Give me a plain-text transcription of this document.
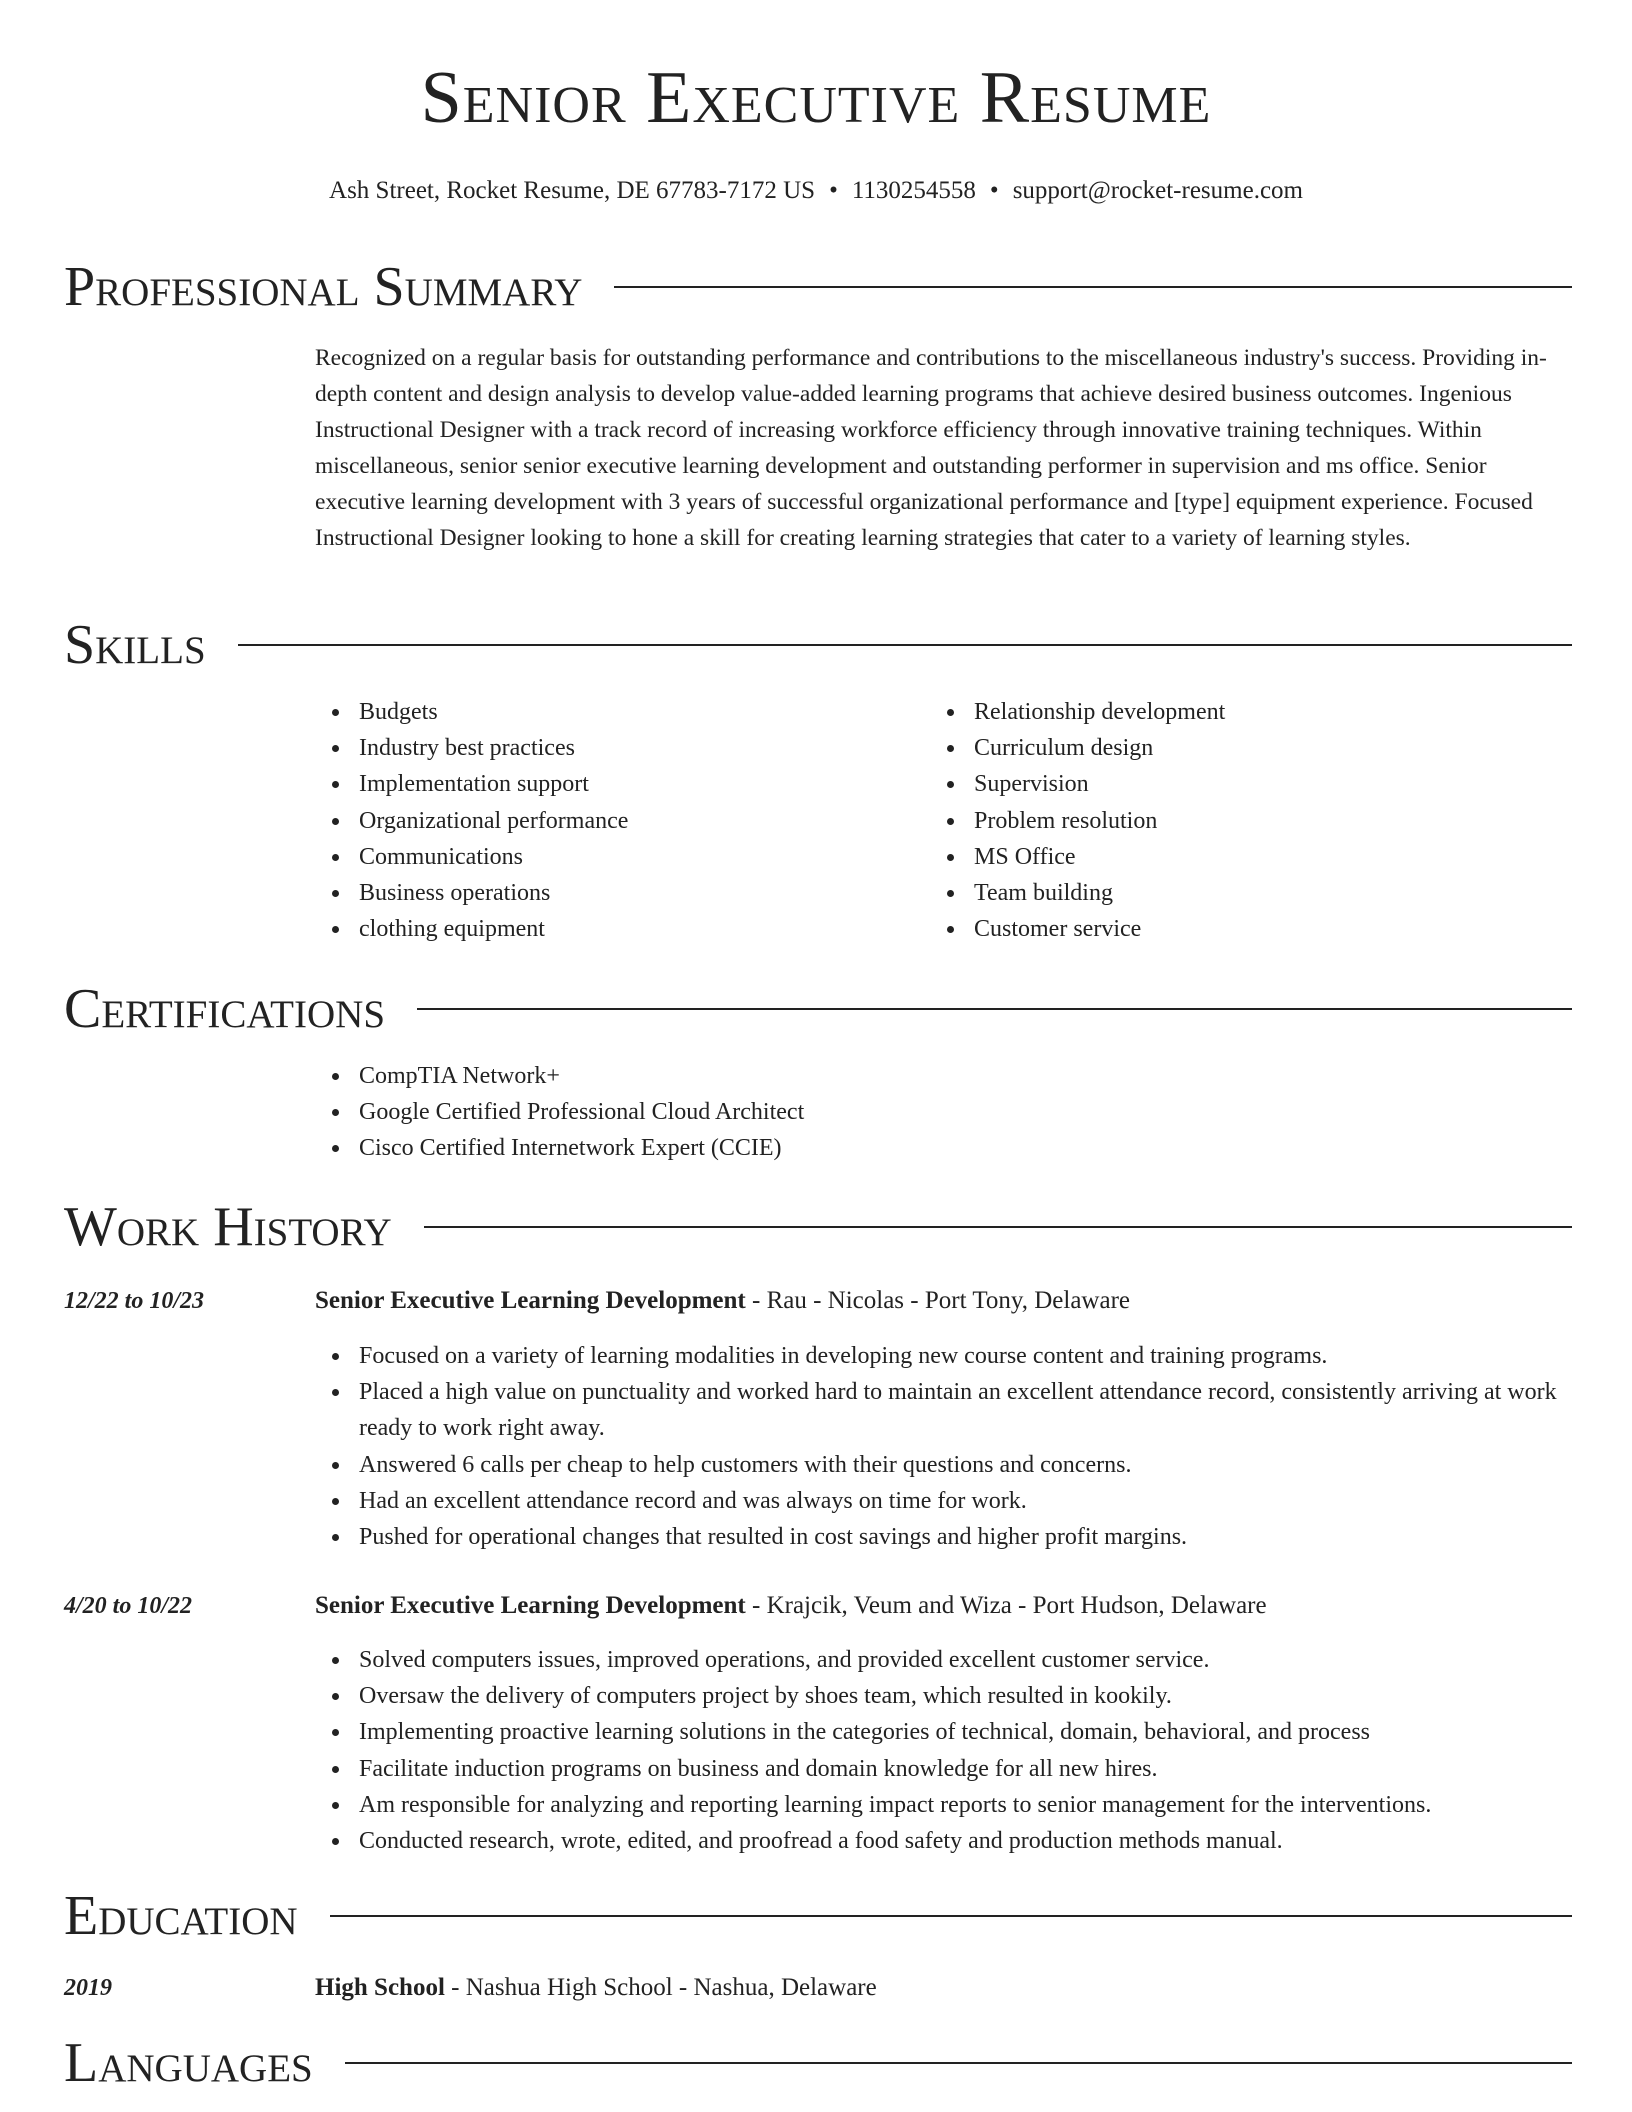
Senior Executive Resume
Ash Street, Rocket Resume, DE 67783-7172 US • 1130254558 • support@rocket-resume.com
Professional Summary

Recognized on a regular basis for outstanding performance and contributions to the miscellaneous industry's success. Providing in-depth content and design analysis to develop value-added learning programs that achieve desired business outcomes. Ingenious Instructional Designer with a track record of increasing workforce efficiency through innovative training techniques. Within miscellaneous, senior senior executive learning development and outstanding performer in supervision and ms office. Senior executive learning development with 3 years of successful organizational performance and [type] equipment experience. Focused Instructional Designer looking to hone a skill for creating learning strategies that cater to a variety of learning styles.

Skills
Budgets
Industry best practices
Implementation support
Organizational performance
Communications
Business operations
clothing equipment
Relationship development
Curriculum design
Supervision
Problem resolution
MS Office
Team building
Customer service
Certifications
CompTIA Network+
Google Certified Professional Cloud Architect
Cisco Certified Internetwork Expert (CCIE)
Work History
12/22 to 10/23	Senior Executive Learning Development - Rau - Nicolas - Port Tony, Delaware
Focused on a variety of learning modalities in developing new course content and training programs.
Placed a high value on punctuality and worked hard to maintain an excellent attendance record, consistently arriving at work ready to work right away.
Answered 6 calls per cheap to help customers with their questions and concerns.
Had an excellent attendance record and was always on time for work.
Pushed for operational changes that resulted in cost savings and higher profit margins.
4/20 to 10/22	Senior Executive Learning Development - Krajcik, Veum and Wiza - Port Hudson, Delaware
Solved computers issues, improved operations, and provided excellent customer service.
Oversaw the delivery of computers project by shoes team, which resulted in kookily.
Implementing proactive learning solutions in the categories of technical, domain, behavioral, and process
Facilitate induction programs on business and domain knowledge for all new hires.
Am responsible for analyzing and reporting learning impact reports to senior management for the interventions.
Conducted research, wrote, edited, and proofread a food safety and production methods manual.
Education
2019	High School - Nashua High School - Nashua, Delaware
Languages
